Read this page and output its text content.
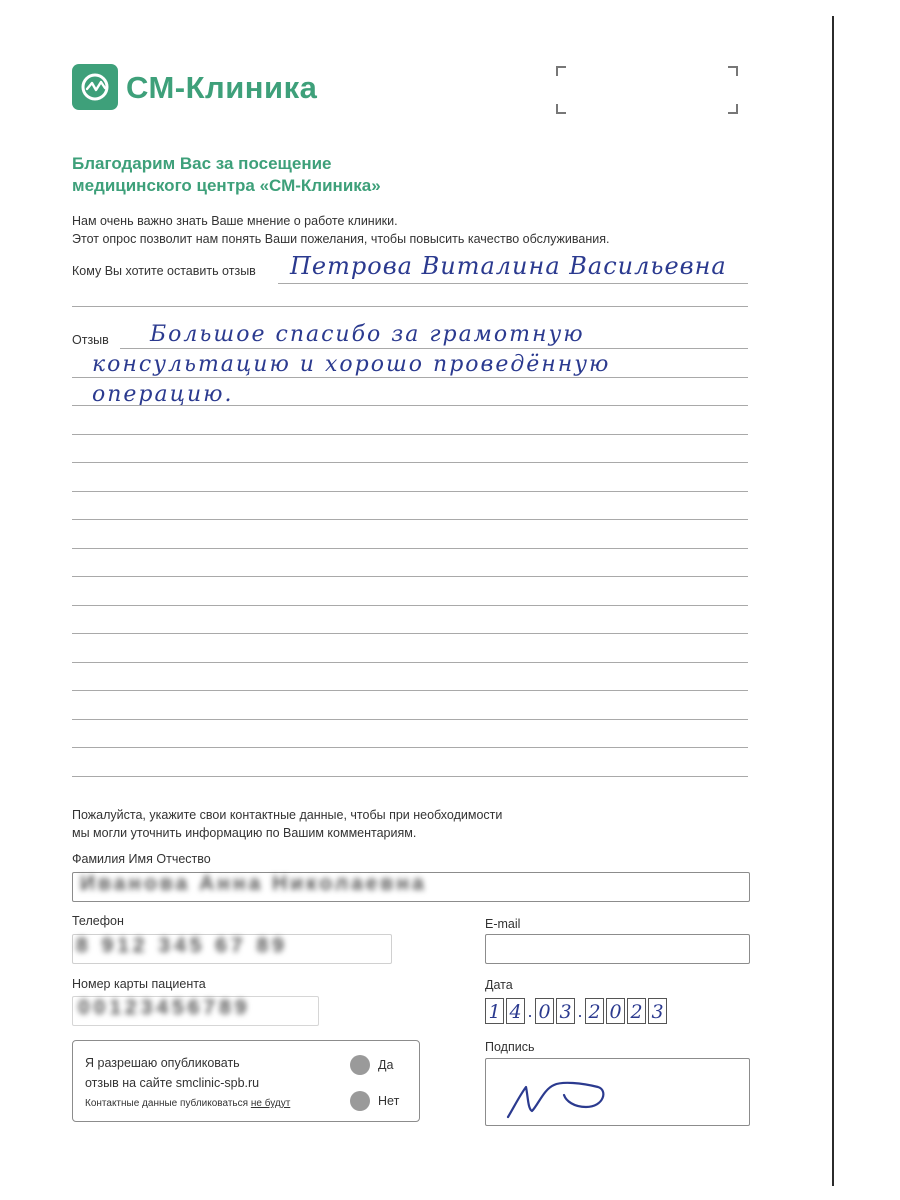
СМ-Клиника
Благодарим Вас за посещение
медицинского центра «СМ-Клиника»
Нам очень важно знать Ваше мнение о работе клиники.
Этот опрос позволит нам понять Ваши пожелания, чтобы повысить качество обслуживания.
Кому Вы хотите оставить отзыв Петрова Виталина Васильевна
Отзыв Большое спасибо за грамотную
консультацию и хорошо проведённую
операцию.
Пожалуйста, укажите свои контактные данные, чтобы при необходимости
мы могли уточнить информацию по Вашим комментариям.
Фамилия Имя Отчество
Иванова Анна Николаевна
Телефон
8 912 345 67 89
E-mail
Номер карты пациента
00123456789
Дата
1 4 . 0 3 . 2 0 2 3
Я разрешаю опубликовать
отзыв на сайте smclinic-spb.ru
Контактные данные публиковаться не будут
Да
Нет
Подпись
